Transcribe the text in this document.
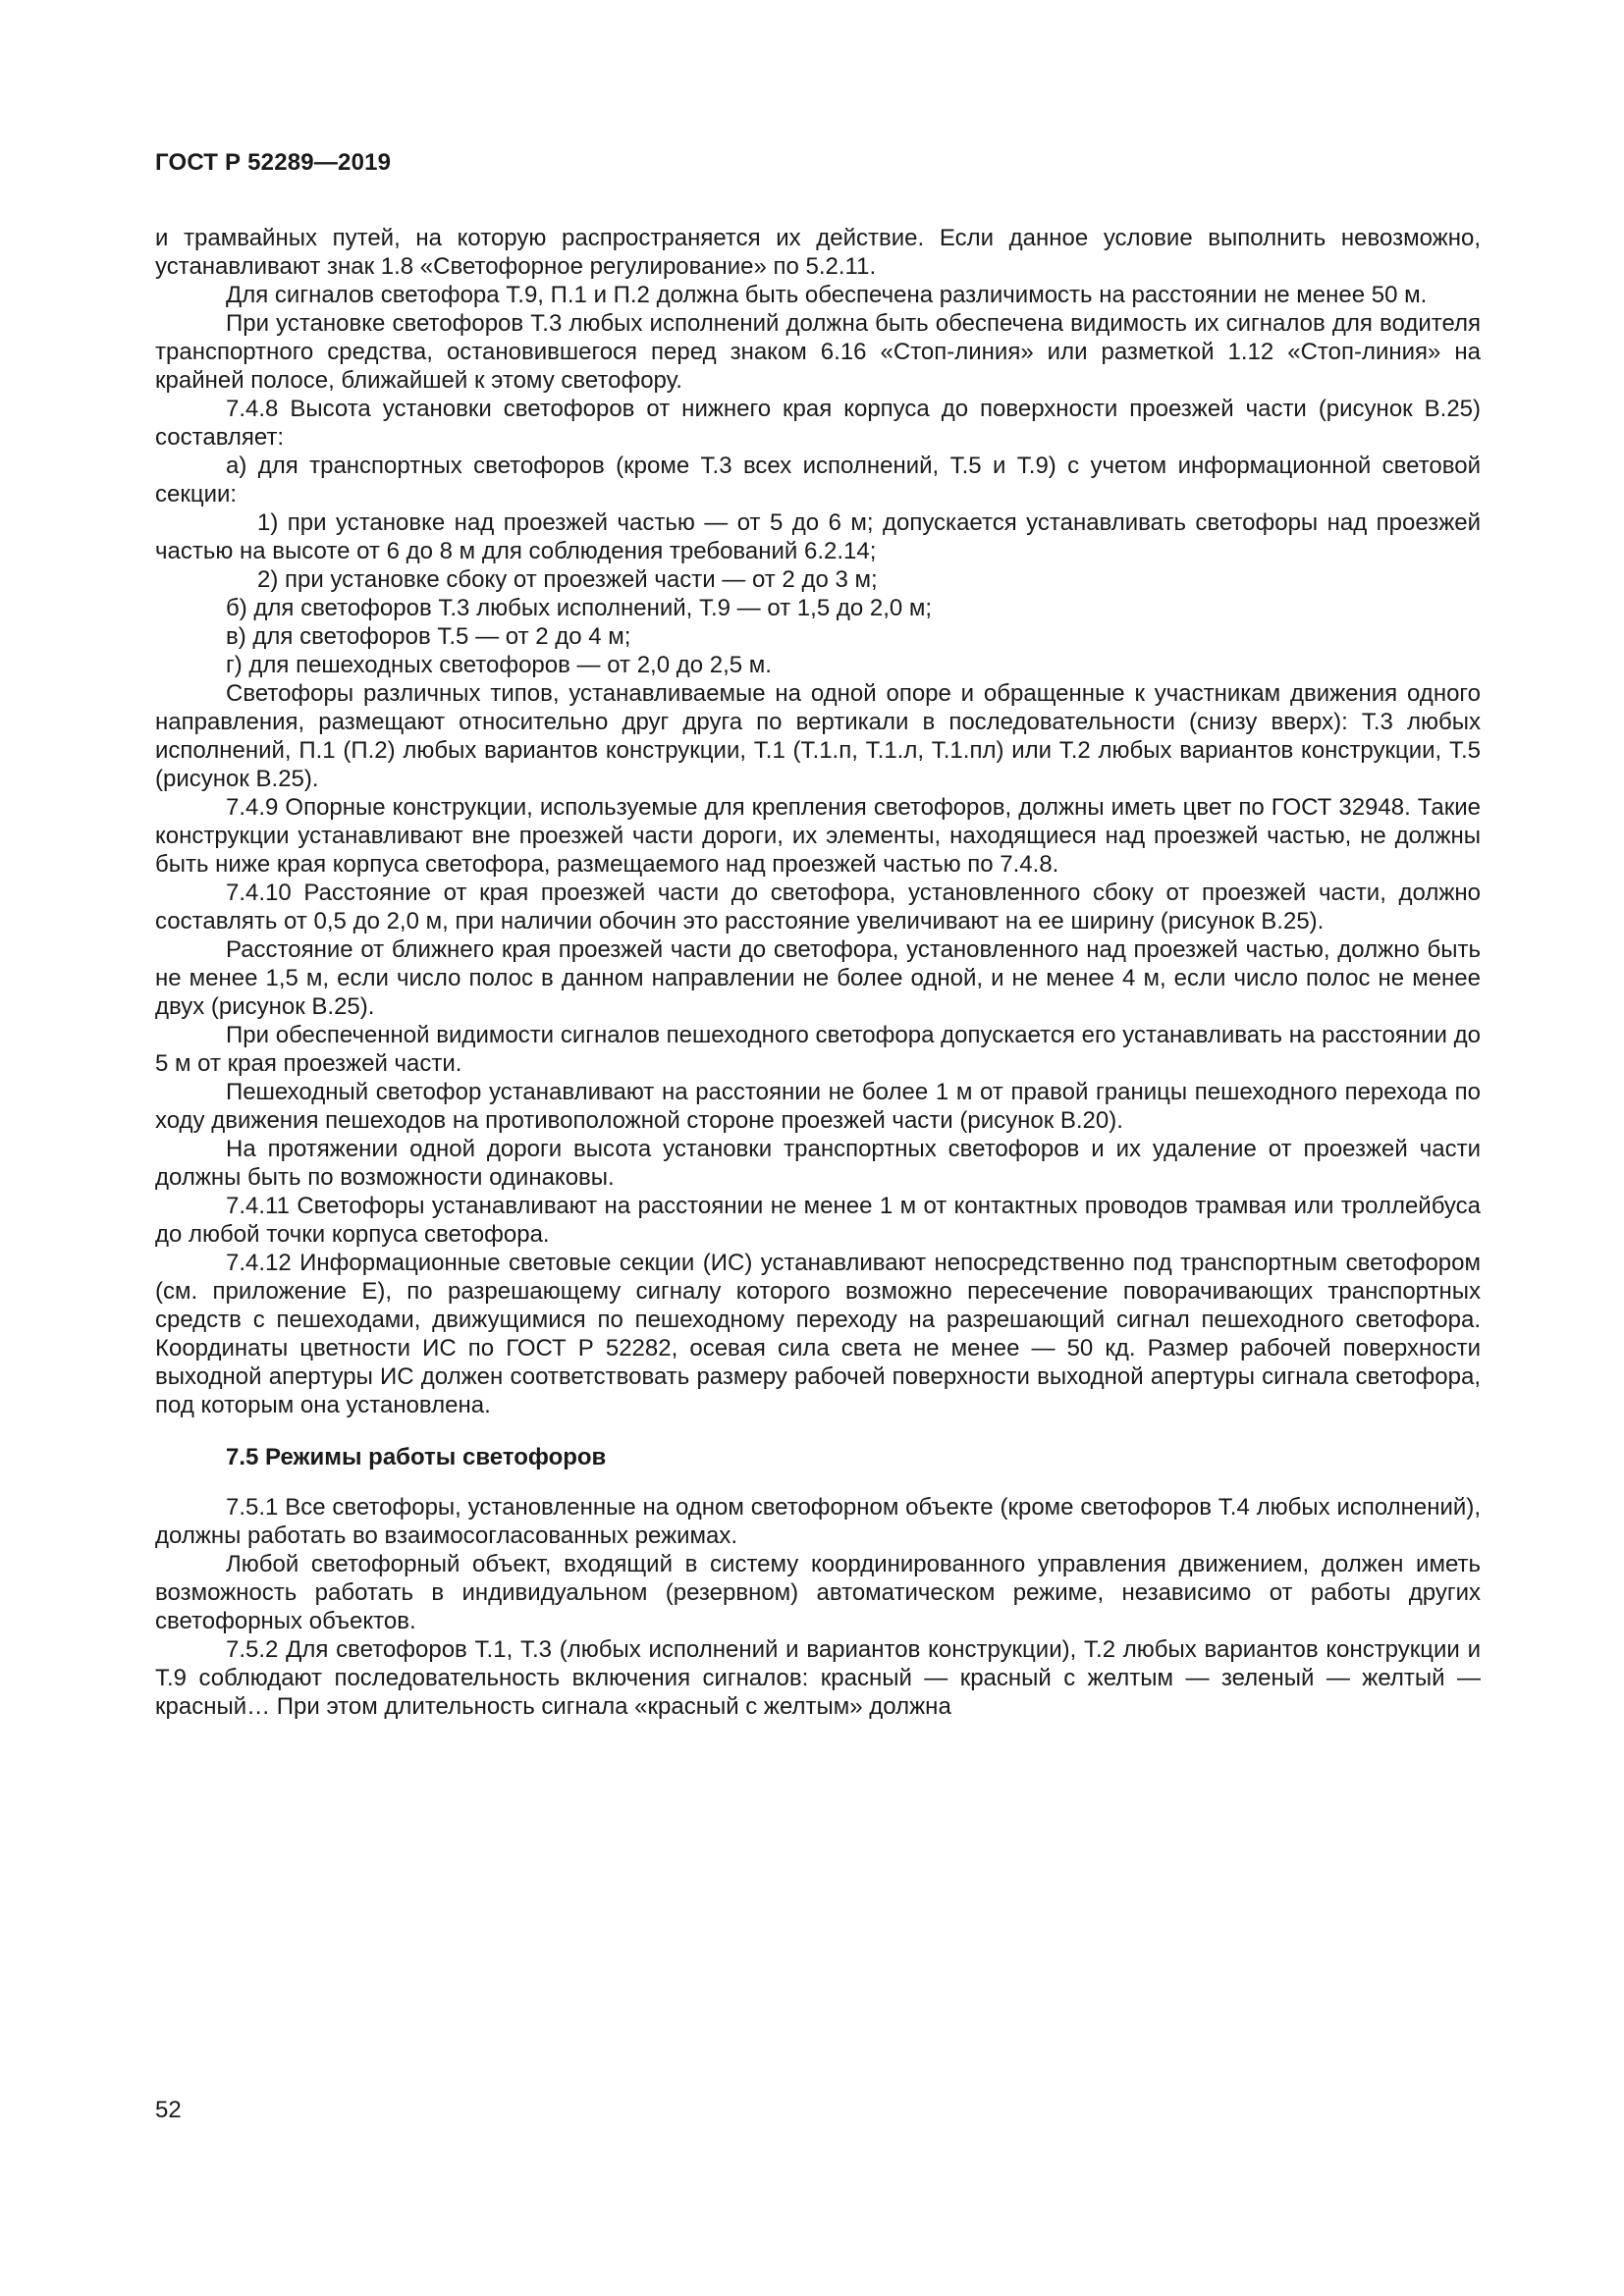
ГОСТ Р 52289—2019

и трамвайных путей, на которую распространяется их действие. Если данное условие выполнить невозможно, устанавливают знак 1.8 «Светофорное регулирование» по 5.2.11.

Для сигналов светофора Т.9, П.1 и П.2 должна быть обеспечена различимость на расстоянии не менее 50 м.

При установке светофоров Т.3 любых исполнений должна быть обеспечена видимость их сигналов для водителя транспортного средства, остановившегося перед знаком 6.16 «Стоп-линия» или разметкой 1.12 «Стоп-линия» на крайней полосе, ближайшей к этому светофору.

7.4.8 Высота установки светофоров от нижнего края корпуса до поверхности проезжей части (рисунок В.25) составляет:

а) для транспортных светофоров (кроме Т.3 всех исполнений, Т.5 и Т.9) с учетом информационной световой секции:

1) при установке над проезжей частью — от 5 до 6 м; допускается устанавливать светофоры над проезжей частью на высоте от 6 до 8 м для соблюдения требований 6.2.14;

2) при установке сбоку от проезжей части — от 2 до 3 м;

б) для светофоров Т.3 любых исполнений, Т.9 — от 1,5 до 2,0 м;

в) для светофоров Т.5 — от 2 до 4 м;

г) для пешеходных светофоров — от 2,0 до 2,5 м.

Светофоры различных типов, устанавливаемые на одной опоре и обращенные к участникам движения одного направления, размещают относительно друг друга по вертикали в последовательности (снизу вверх): Т.3 любых исполнений, П.1 (П.2) любых вариантов конструкции, Т.1 (Т.1.п, Т.1.л, Т.1.пл) или Т.2 любых вариантов конструкции, Т.5 (рисунок В.25).

7.4.9 Опорные конструкции, используемые для крепления светофоров, должны иметь цвет по ГОСТ 32948. Такие конструкции устанавливают вне проезжей части дороги, их элементы, находящиеся над проезжей частью, не должны быть ниже края корпуса светофора, размещаемого над проезжей частью по 7.4.8.

7.4.10 Расстояние от края проезжей части до светофора, установленного сбоку от проезжей части, должно составлять от 0,5 до 2,0 м, при наличии обочин это расстояние увеличивают на ее ширину (рисунок В.25).

Расстояние от ближнего края проезжей части до светофора, установленного над проезжей частью, должно быть не менее 1,5 м, если число полос в данном направлении не более одной, и не менее 4 м, если число полос не менее двух (рисунок В.25).

При обеспеченной видимости сигналов пешеходного светофора допускается его устанавливать на расстоянии до 5 м от края проезжей части.

Пешеходный светофор устанавливают на расстоянии не более 1 м от правой границы пешеходного перехода по ходу движения пешеходов на противоположной стороне проезжей части (рисунок В.20).

На протяжении одной дороги высота установки транспортных светофоров и их удаление от проезжей части должны быть по возможности одинаковы.

7.4.11 Светофоры устанавливают на расстоянии не менее 1 м от контактных проводов трамвая или троллейбуса до любой точки корпуса светофора.

7.4.12 Информационные световые секции (ИС) устанавливают непосредственно под транспортным светофором (см. приложение Е), по разрешающему сигналу которого возможно пересечение поворачивающих транспортных средств с пешеходами, движущимися по пешеходному переходу на разрешающий сигнал пешеходного светофора. Координаты цветности ИС по ГОСТ Р 52282, осевая сила света не менее — 50 кд. Размер рабочей поверхности выходной апертуры ИС должен соответствовать размеру рабочей поверхности выходной апертуры сигнала светофора, под которым она установлена.

7.5 Режимы работы светофоров

7.5.1 Все светофоры, установленные на одном светофорном объекте (кроме светофоров Т.4 любых исполнений), должны работать во взаимосогласованных режимах.

Любой светофорный объект, входящий в систему координированного управления движением, должен иметь возможность работать в индивидуальном (резервном) автоматическом режиме, независимо от работы других светофорных объектов.

7.5.2 Для светофоров Т.1, Т.3 (любых исполнений и вариантов конструкции), Т.2 любых вариантов конструкции и Т.9 соблюдают последовательность включения сигналов: красный — красный с желтым — зеленый — желтый — красный… При этом длительность сигнала «красный с желтым» должна

52
